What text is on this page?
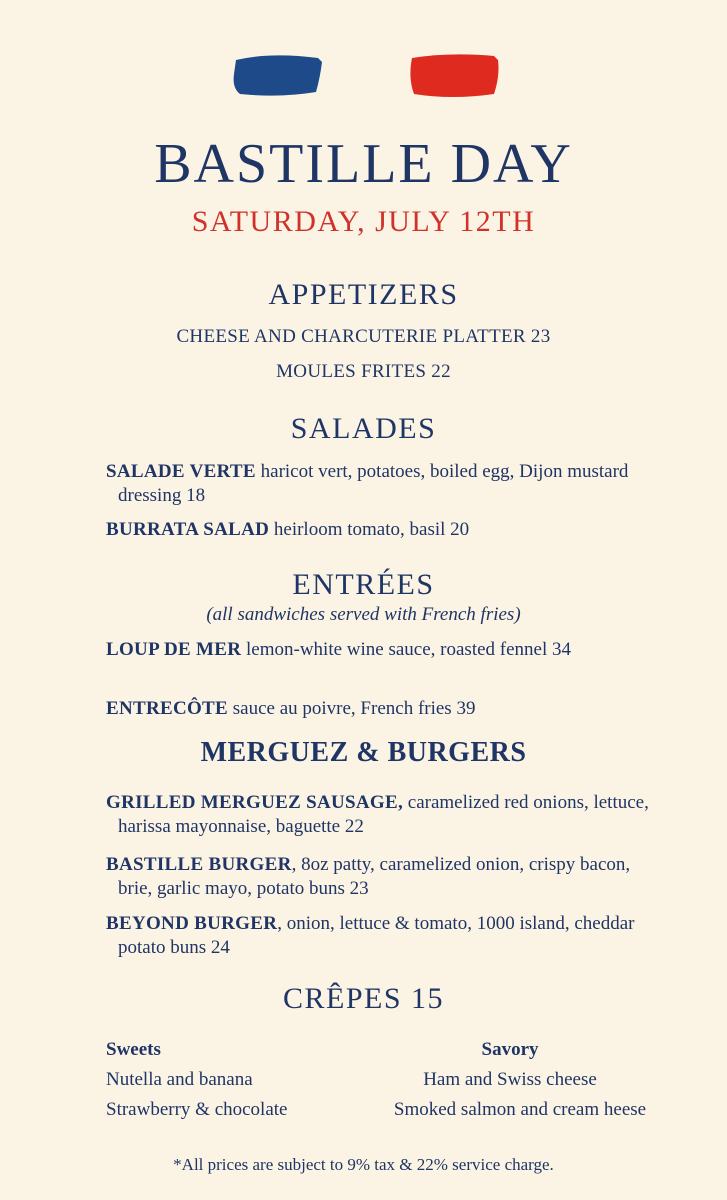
BASTILLE DAY
SATURDAY, JULY 12TH
APPETIZERS
CHEESE AND CHARCUTERIE PLATTER 23
MOULES FRITES 22
SALADES
SALADE VERTE haricot vert, potatoes, boiled egg, Dijon mustard dressing 18
BURRATA SALAD heirloom tomato, basil 20
ENTRÉES
(all sandwiches served with French fries)
LOUP DE MER lemon-white wine sauce, roasted fennel 34
ENTRECÔTE sauce au poivre, French fries 39
MERGUEZ & BURGERS
GRILLED MERGUEZ SAUSAGE, caramelized red onions, lettuce, harissa mayonnaise, baguette 22
BASTILLE BURGER, 8oz patty, caramelized onion, crispy bacon, brie, garlic mayo, potato buns 23
BEYOND BURGER, onion, lettuce & tomato, 1000 island, cheddar potato buns 24
CRÊPES 15
Sweets
Nutella and banana
Strawberry & chocolate
Savory
Ham and Swiss cheese
Smoked salmon and cream heese
*All prices are subject to 9% tax & 22% service charge.
